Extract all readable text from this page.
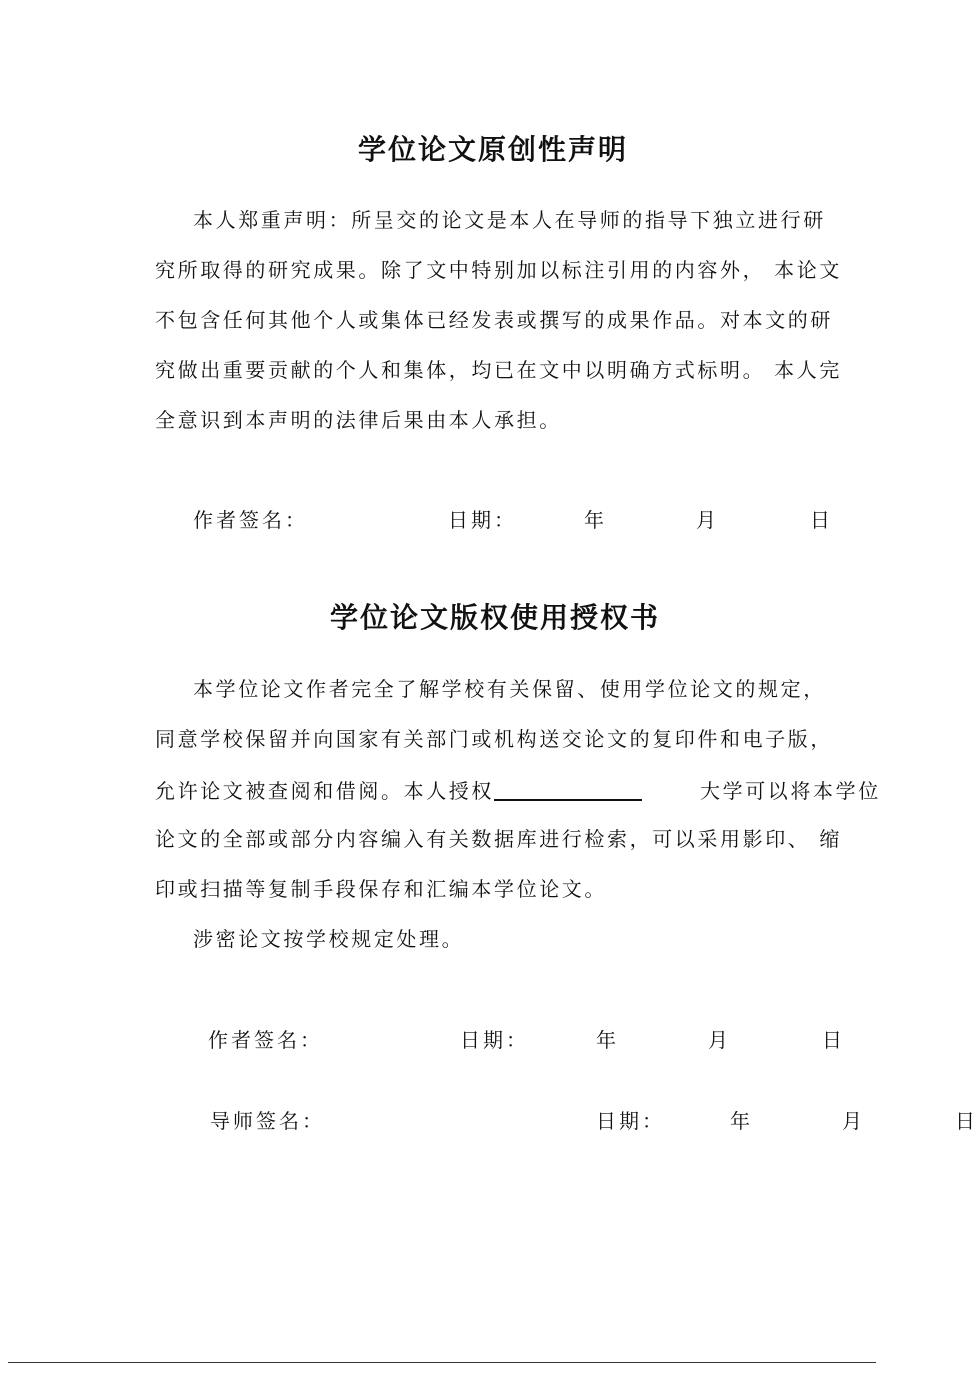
学位论文原创性声明
本人郑重声明：所呈交的论文是本人在导师的指导下独立进行研
究所取得的研究成果。除了文中特别加以标注引用的内容外， 本论文
不包含任何其他个人或集体已经发表或撰写的成果作品。对本文的研
究做出重要贡献的个人和集体，均已在文中以明确方式标明。 本人完
全意识到本声明的法律后果由本人承担。
作者签名：	日期：	年	月	日
学位论文版权使用授权书
本学位论文作者完全了解学校有关保留、使用学位论文的规定，
同意学校保留并向国家有关部门或机构送交论文的复印件和电子版，
允许论文被查阅和借阅。本人授权	大学可以将本学位
论文的全部或部分内容编入有关数据库进行检索，可以采用影印、 缩
印或扫描等复制手段保存和汇编本学位论文。
涉密论文按学校规定处理。
作者签名：	日期：	年	月	日
导师签名：	日期：	年	月	日
